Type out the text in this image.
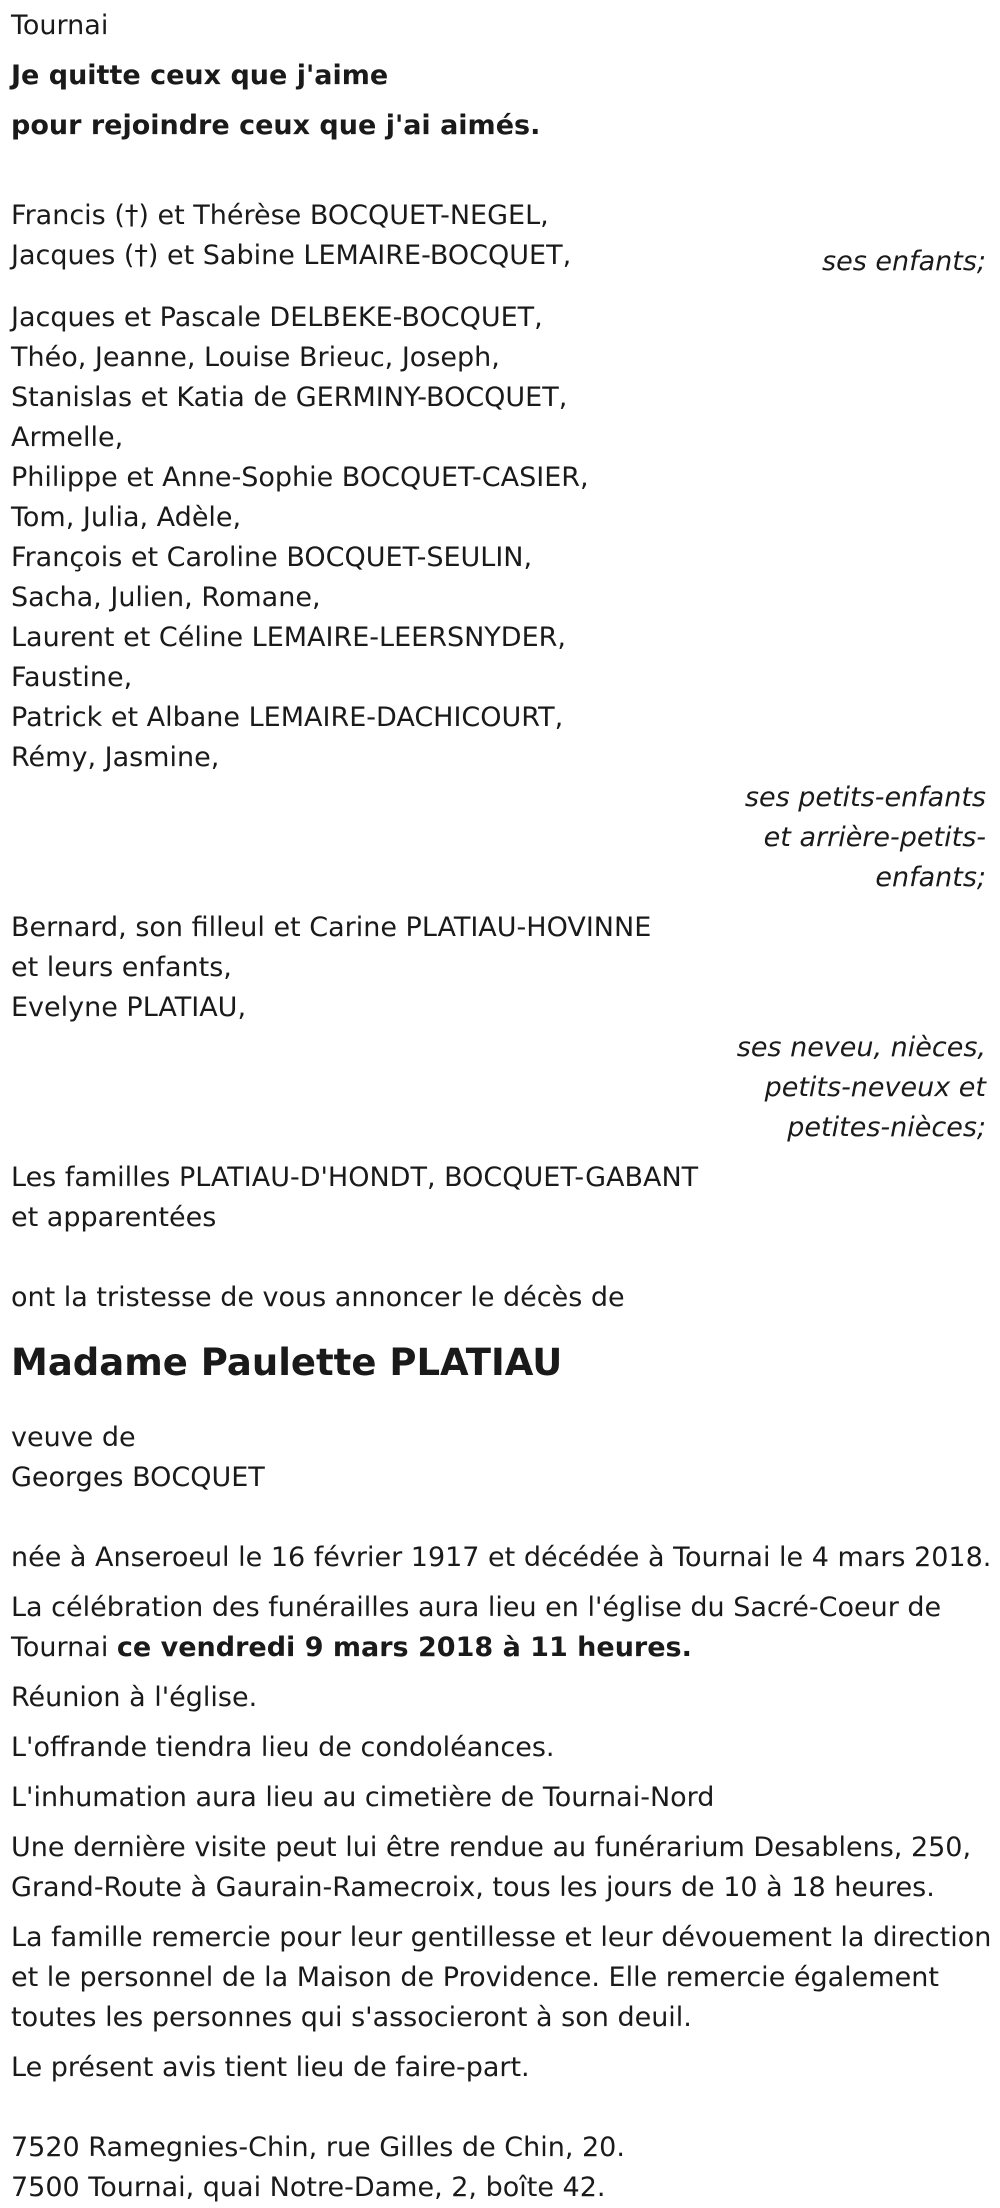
Tournai
Je quitte ceux que j'aime
pour rejoindre ceux que j'ai aimés.
Francis (†) et Thérèse BOCQUET-NEGEL,
Jacques (†) et Sabine LEMAIRE-BOCQUET,	ses enfants;
Jacques et Pascale DELBEKE-BOCQUET,
Théo, Jeanne, Louise Brieuc, Joseph,
Stanislas et Katia de GERMINY-BOCQUET,
Armelle,
Philippe et Anne-Sophie BOCQUET-CASIER,
Tom, Julia, Adèle,
François et Caroline BOCQUET-SEULIN,
Sacha, Julien, Romane,
Laurent et Céline LEMAIRE-LEERSNYDER,
Faustine,
Patrick et Albane LEMAIRE-DACHICOURT,
Rémy, Jasmine,
ses petits-enfants
et arrière-petits-
enfants;
Bernard, son filleul et Carine PLATIAU-HOVINNE
et leurs enfants,
Evelyne PLATIAU,
ses neveu, nièces,
petits-neveux et
petites-nièces;
Les familles PLATIAU-D'HONDT, BOCQUET-GABANT
et apparentées
ont la tristesse de vous annoncer le décès de
Madame Paulette PLATIAU
veuve de
Georges BOCQUET
née à Anseroeul le 16 février 1917 et décédée à Tournai le 4 mars 2018.
La célébration des funérailles aura lieu en l'église du Sacré-Coeur de
Tournai ce vendredi 9 mars 2018 à 11 heures.
Réunion à l'église.
L'offrande tiendra lieu de condoléances.
L'inhumation aura lieu au cimetière de Tournai-Nord
Une dernière visite peut lui être rendue au funérarium Desablens, 250,
Grand-Route à Gaurain-Ramecroix, tous les jours de 10 à 18 heures.
La famille remercie pour leur gentillesse et leur dévouement la direction
et le personnel de la Maison de Providence. Elle remercie également
toutes les personnes qui s'associeront à son deuil.
Le présent avis tient lieu de faire-part.
7520 Ramegnies-Chin, rue Gilles de Chin, 20.
7500 Tournai, quai Notre-Dame, 2, boîte 42.
